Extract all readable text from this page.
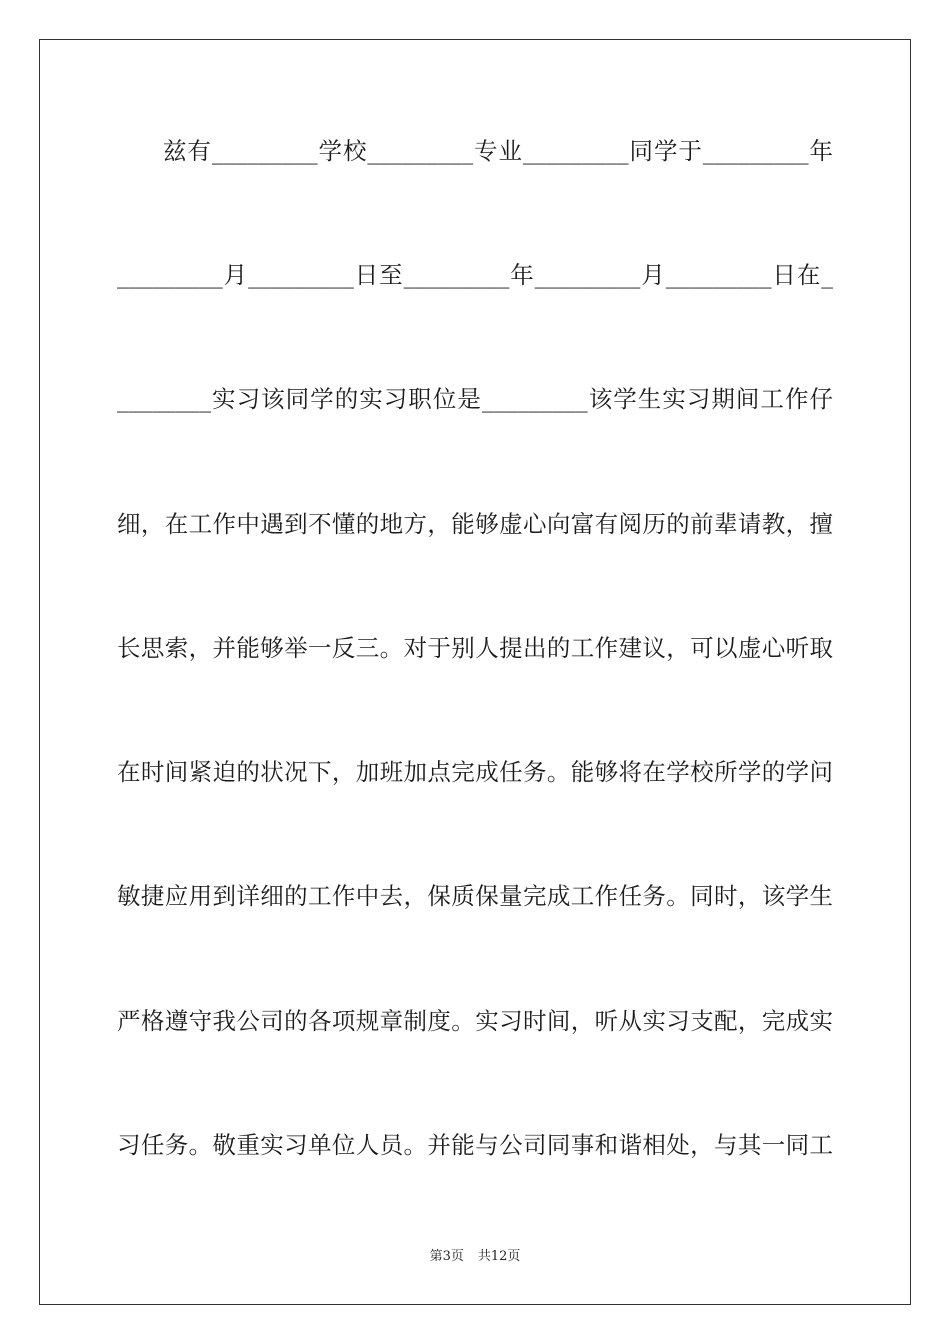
兹有_________学校_________专业_________同学于_________年
_________月_________日至_________年_________月_________日在_
________实习该同学的实习职位是_________该学生实习期间工作仔
细，在工作中遇到不懂的地方，能够虚心向富有阅历的前辈请教，擅
长思索，并能够举一反三。对于别人提出的工作建议，可以虚心听取
在时间紧迫的状况下，加班加点完成任务。能够将在学校所学的学问
敏捷应用到详细的工作中去，保质保量完成工作任务。同时，该学生
严格遵守我公司的各项规章制度。实习时间，听从实习支配，完成实
习任务。敬重实习单位人员。并能与公司同事和谐相处，与其一同工
第3页 共12页
